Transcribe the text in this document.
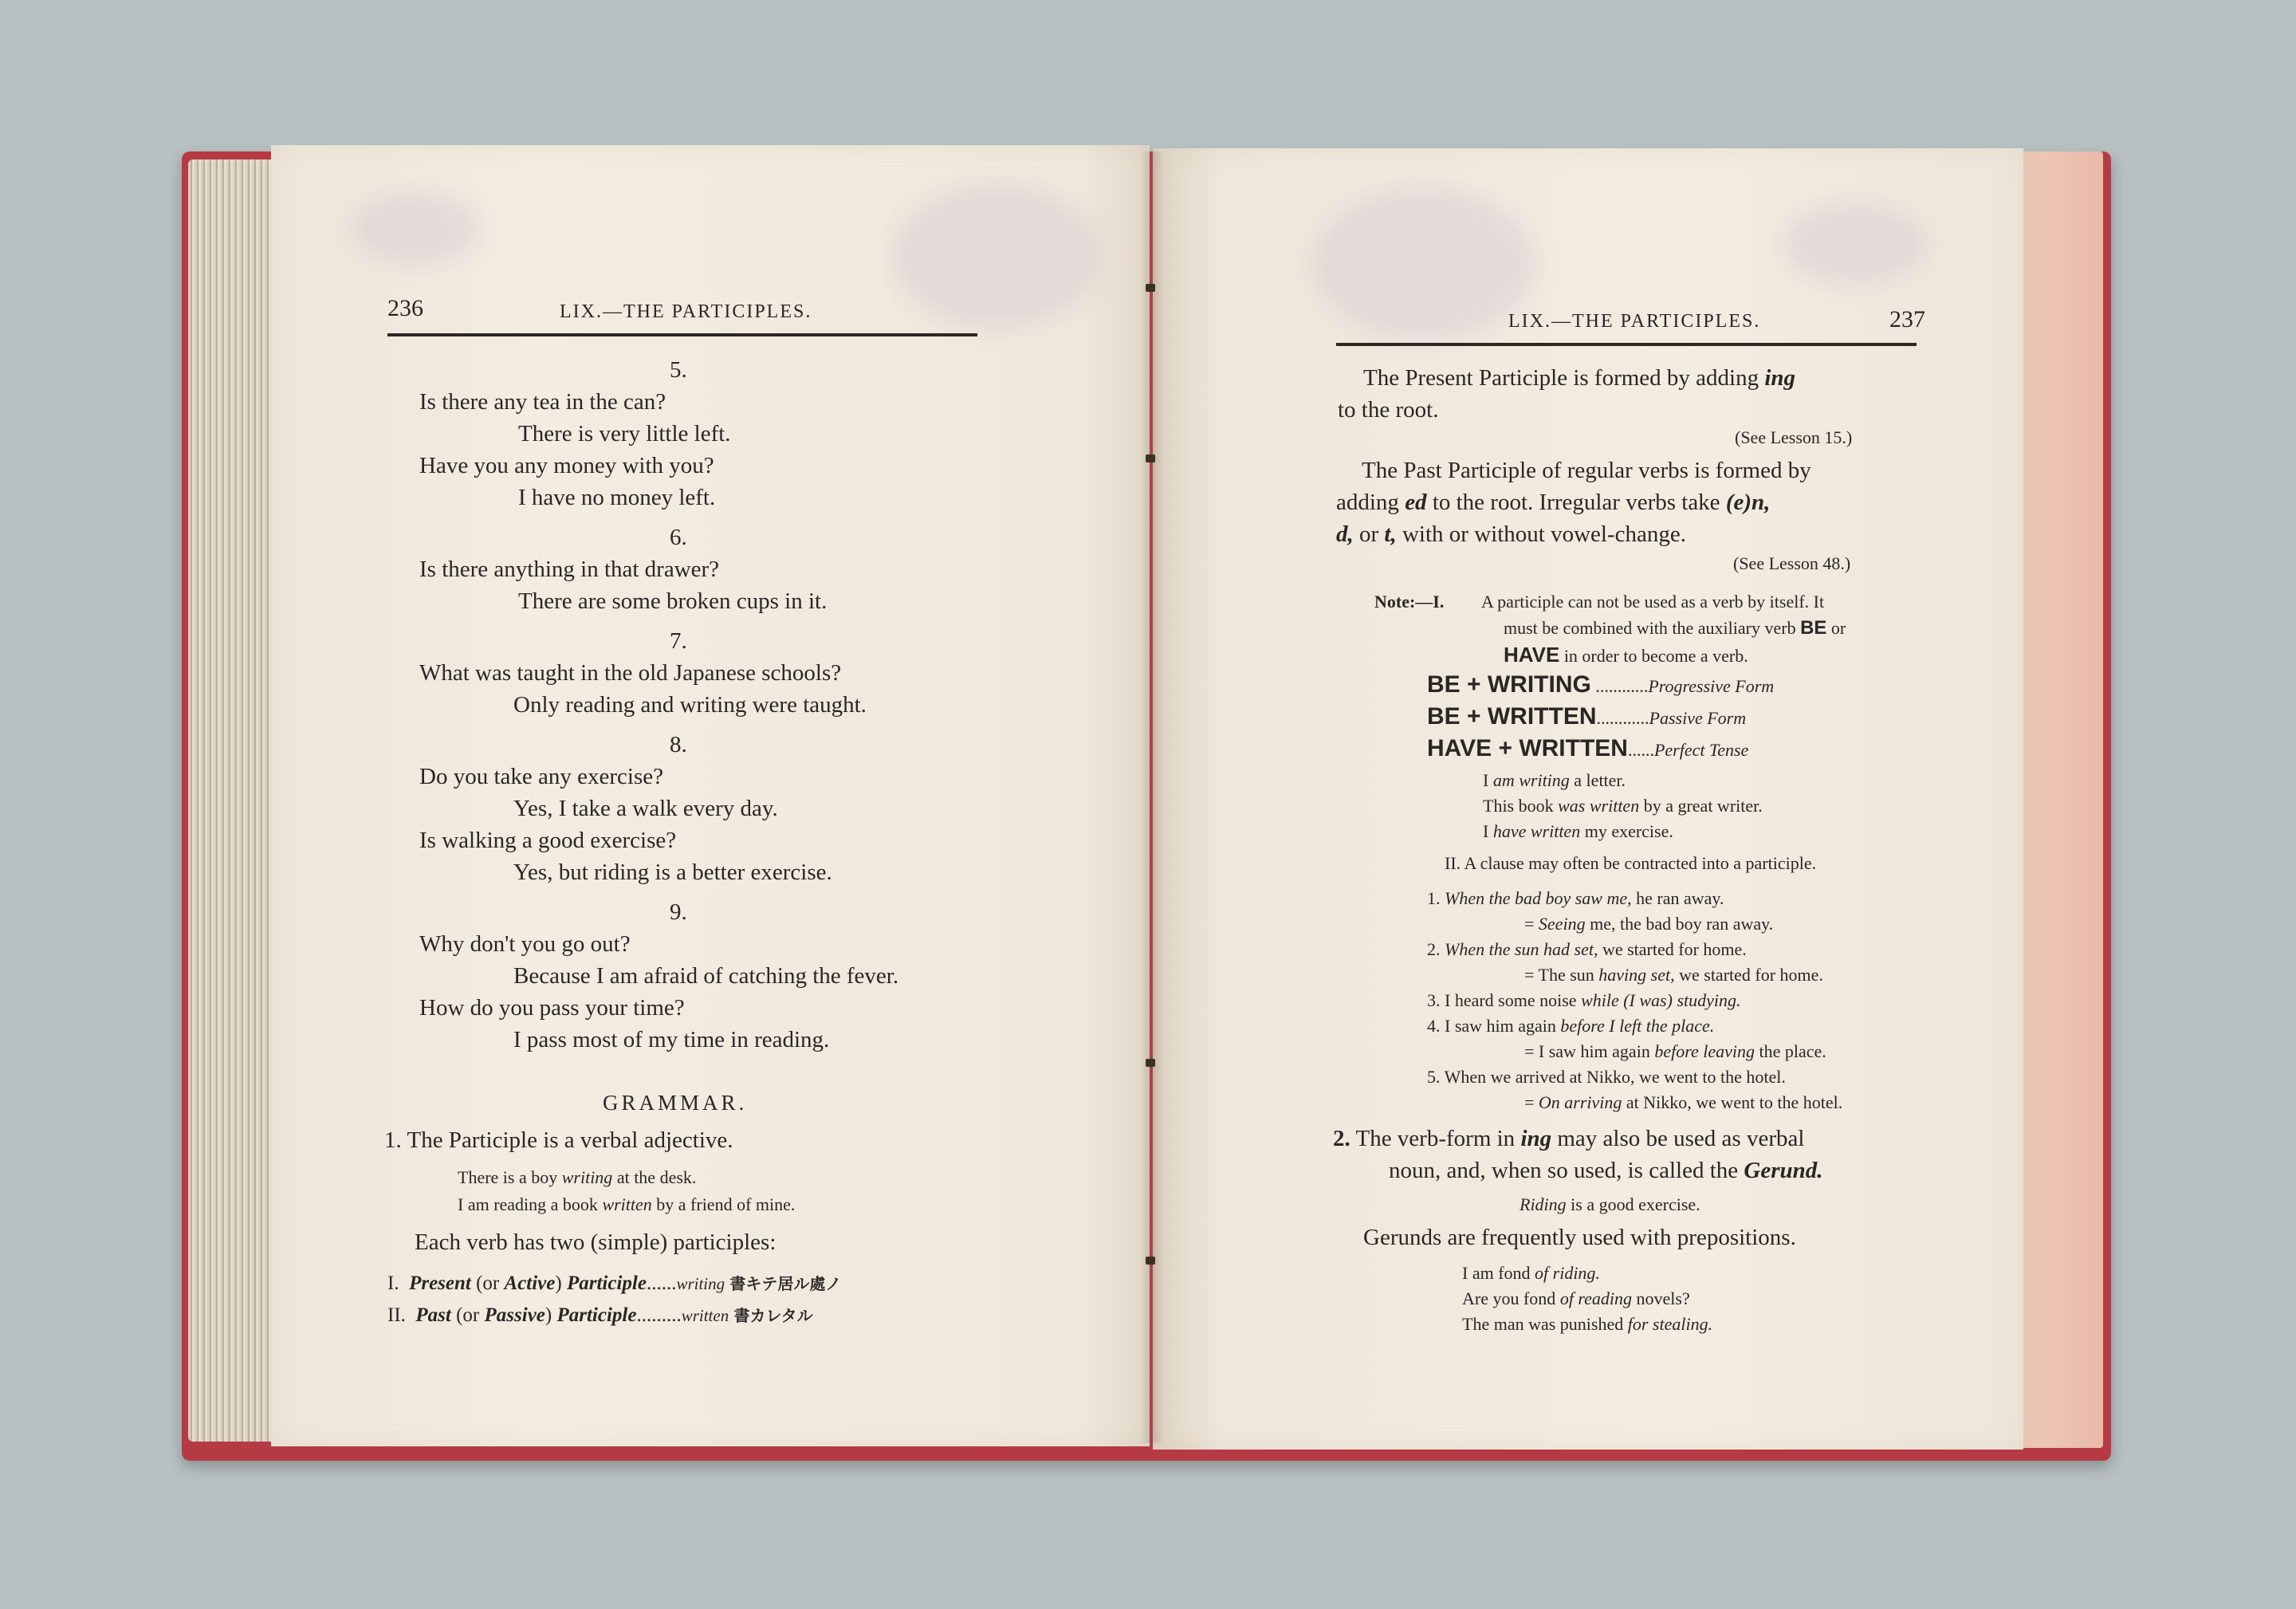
236	LIX.—THE PARTICIPLES.
5.
Is there any tea in the can?
There is very little left.
Have you any money with you?
I have no money left.
6.
Is there anything in that drawer?
There are some broken cups in it.
7.
What was taught in the old Japanese schools?
Only reading and writing were taught.
8.
Do you take any exercise?
Yes, I take a walk every day.
Is walking a good exercise?
Yes, but riding is a better exercise.
9.
Why don't you go out?
Because I am afraid of catching the fever.
How do you pass your time?
I pass most of my time in reading.
GRAMMAR.
1. The Participle is a verbal adjective.
There is a boy writing at the desk.
I am reading a book written by a friend of mine.
Each verb has two (simple) participles:
I. Present (or Active) Participle......writing 書キテ居ル處ノ
II. Past (or Passive) Participle.........written 書カレタル
LIX.—THE PARTICIPLES.	237
The Present Participle is formed by adding ing
to the root.
(See Lesson 15.)
The Past Participle of regular verbs is formed by
adding ed to the root. Irregular verbs take (e)n,
d, or t, with or without vowel-change.
(See Lesson 48.)
Note:—I. A participle can not be used as a verb by itself. It
must be combined with the auxiliary verb BE or
HAVE in order to become a verb.
BE + WRITING ............Progressive Form
BE + WRITTEN............Passive Form
HAVE + WRITTEN......Perfect Tense
I am writing a letter.
This book was written by a great writer.
I have written my exercise.
II. A clause may often be contracted into a participle.
1. When the bad boy saw me, he ran away.
= Seeing me, the bad boy ran away.
2. When the sun had set, we started for home.
= The sun having set, we started for home.
3. I heard some noise while (I was) studying.
4. I saw him again before I left the place.
= I saw him again before leaving the place.
5. When we arrived at Nikko, we went to the hotel.
= On arriving at Nikko, we went to the hotel.
2. The verb-form in ing may also be used as verbal
noun, and, when so used, is called the Gerund.
Riding is a good exercise.
Gerunds are frequently used with prepositions.
I am fond of riding.
Are you fond of reading novels?
The man was punished for stealing.
